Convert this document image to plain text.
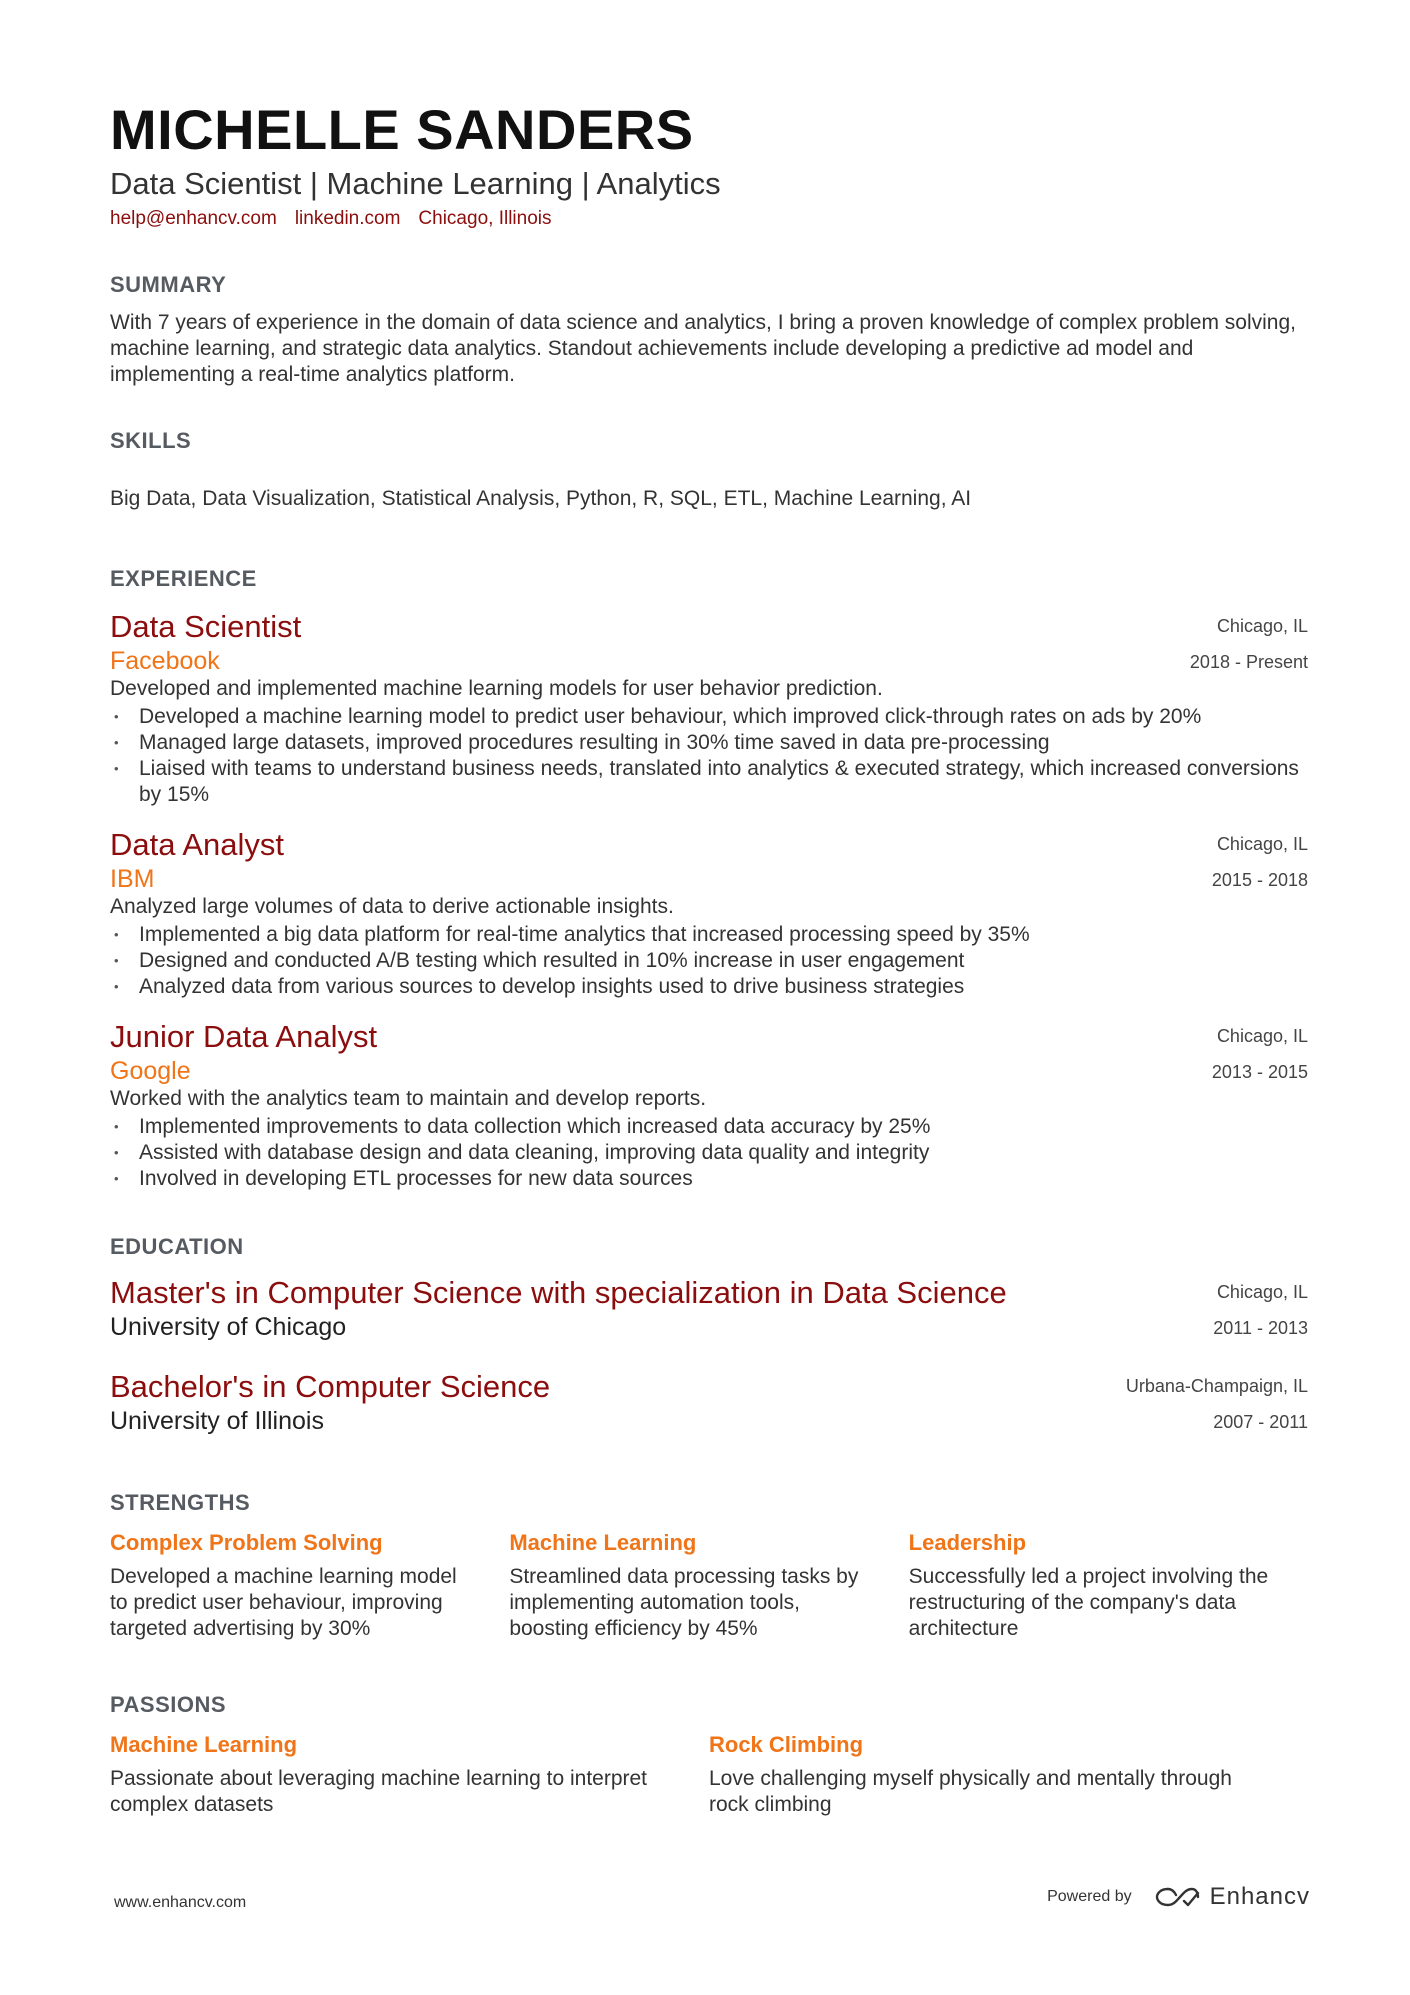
MICHELLE SANDERS
Data Scientist | Machine Learning | Analytics
help@enhancv.com linkedin.com Chicago, Illinois
SUMMARY
With 7 years of experience in the domain of data science and analytics, I bring a proven knowledge of complex problem solving, machine learning, and strategic data analytics. Standout achievements include developing a predictive ad model and implementing a real-time analytics platform.
SKILLS
Big Data, Data Visualization, Statistical Analysis, Python, R, SQL, ETL, Machine Learning, AI
EXPERIENCE
Data Scientist
Facebook
Chicago, IL
2018 - Present
Developed and implemented machine learning models for user behavior prediction.
• Developed a machine learning model to predict user behaviour, which improved click-through rates on ads by 20%
• Managed large datasets, improved procedures resulting in 30% time saved in data pre-processing
• Liaised with teams to understand business needs, translated into analytics & executed strategy, which increased conversions by 15%
Data Analyst
IBM
Chicago, IL
2015 - 2018
Analyzed large volumes of data to derive actionable insights.
• Implemented a big data platform for real-time analytics that increased processing speed by 35%
• Designed and conducted A/B testing which resulted in 10% increase in user engagement
• Analyzed data from various sources to develop insights used to drive business strategies
Junior Data Analyst
Google
Chicago, IL
2013 - 2015
Worked with the analytics team to maintain and develop reports.
• Implemented improvements to data collection which increased data accuracy by 25%
• Assisted with database design and data cleaning, improving data quality and integrity
• Involved in developing ETL processes for new data sources
EDUCATION
Master's in Computer Science with specialization in Data Science
University of Chicago
Chicago, IL
2011 - 2013
Bachelor's in Computer Science
University of Illinois
Urbana-Champaign, IL
2007 - 2011
STRENGTHS
Complex Problem Solving
Developed a machine learning model to predict user behaviour, improving targeted advertising by 30%
Machine Learning
Streamlined data processing tasks by implementing automation tools, boosting efficiency by 45%
Leadership
Successfully led a project involving the restructuring of the company's data architecture
PASSIONS
Machine Learning
Passionate about leveraging machine learning to interpret complex datasets
Rock Climbing
Love challenging myself physically and mentally through rock climbing
www.enhancv.com	Powered by	Enhancv
